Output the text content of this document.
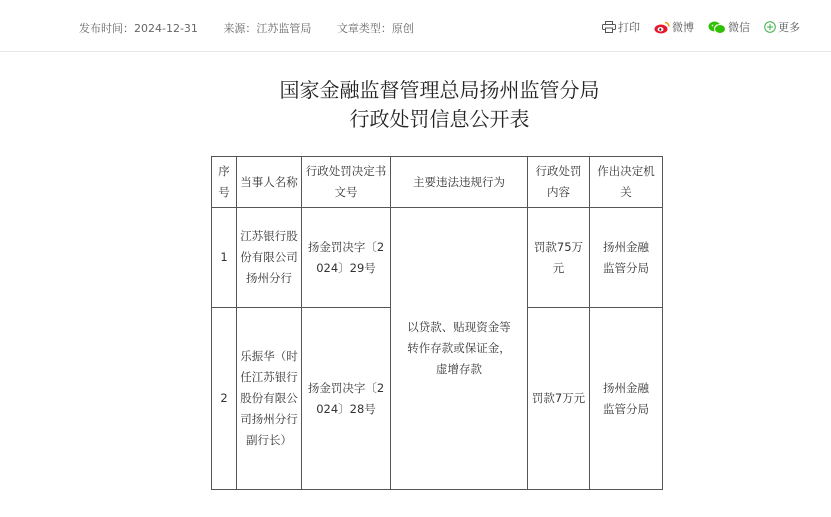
发布时间：2024-12-31 来源：江苏监管局 文章类型：原创	打印	微博	微信	更多
国家金融监督管理总局扬州监管分局
行政处罚信息公开表
序号	当事人名称	行政处罚决定书文号	主要违法违规行为	行政处罚内容	作出决定机关
1	江苏银行股份有限公司扬州分行	扬金罚决字〔2024〕29号	以贷款、贴现资金等转作存款或保证金，虚增存款	罚款75万元	扬州金融监管分局
2	乐振华（时任江苏银行股份有限公司扬州分行副行长）	扬金罚决字〔2024〕28号		罚款7万元	扬州金融监管分局
